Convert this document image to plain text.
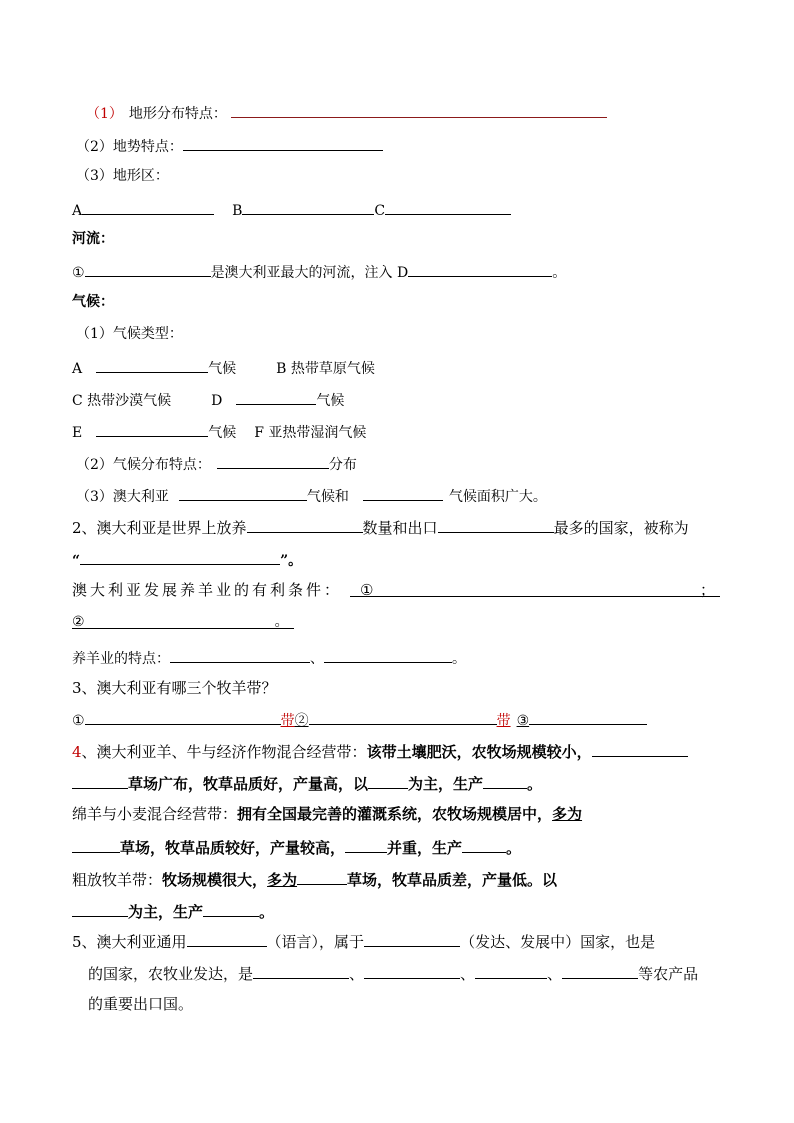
（1） 地形分布特点：
（2）地势特点：
（3）地形区：
A	B	C
河流：
①	是澳大利亚最大的河流，注入 D	。
气候：
（1）气候类型：
A	气候	B 热带草原气候
C 热带沙漠气候	D	气候
E	气候 F 亚热带湿润气候
（2）气候分布特点：	分布
（3）澳大利亚	气候和	气候面积广大。
2、澳大利亚是世界上放养	数量和出口	最多的国家，被称为
“	”。
澳大利亚发展养羊业的有利条件： ①	；
②	。
养羊业的特点：	、	。
3、澳大利亚有哪三个牧羊带？
①	带②	带 ③
4、澳大利亚羊、牛与经济作物混合经营带：该带土壤肥沃，农牧场规模较小，
草场广布，牧草品质好，产量高，以	为主，生产	。
绵羊与小麦混合经营带：拥有全国最完善的灌溉系统，农牧场规模居中，多为
草场，牧草品质较好，产量较高，	并重，生产	。
粗放牧羊带：牧场规模很大，多为	草场，牧草品质差，产量低。以
为主，生产	。
5、澳大利亚通用	（语言），属于	（发达、发展中）国家，也是
的国家，农牧业发达，是	、	、	、	等农产品
的重要出口国。
